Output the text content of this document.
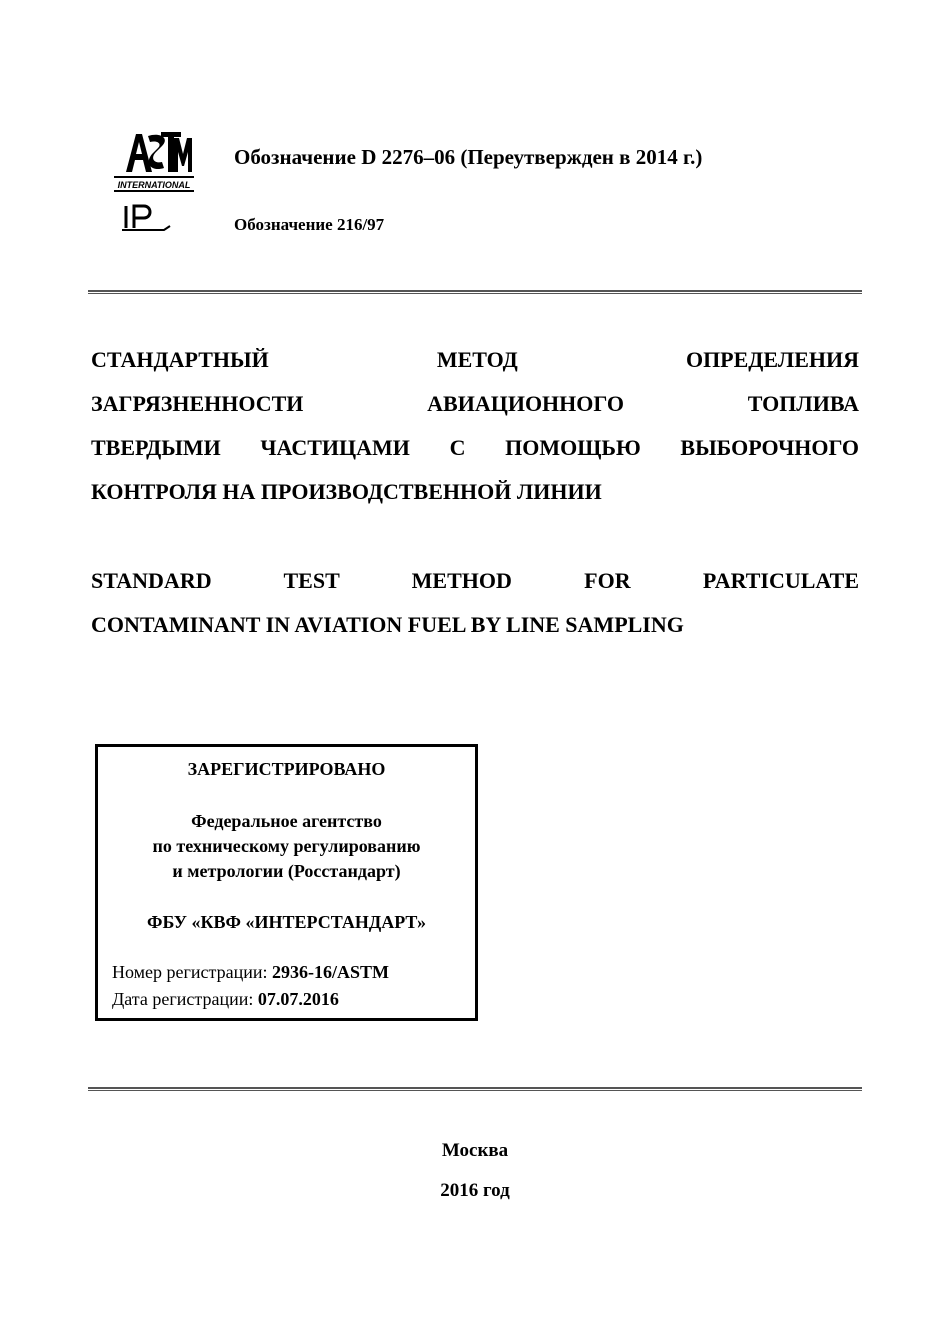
INTERNATIONAL
Обозначение D 2276–06 (Переутвержден в 2014 г.)
Обозначение 216/97
СТАНДАРТНЫЙ МЕТОД ОПРЕДЕЛЕНИЯ
ЗАГРЯЗНЕННОСТИ АВИАЦИОННОГО ТОПЛИВА
ТВЕРДЫМИ ЧАСТИЦАМИ С ПОМОЩЬЮ ВЫБОРОЧНОГО
КОНТРОЛЯ НА ПРОИЗВОДСТВЕННОЙ ЛИНИИ
STANDARD TEST METHOD FOR PARTICULATE
CONTAMINANT IN AVIATION FUEL BY LINE SAMPLING
ЗАРЕГИСТРИРОВАНО
Федеральное агентство
по техническому регулированию
и метрологии (Росстандарт)
ФБУ «КВФ «ИНТЕРСТАНДАРТ»
Номер регистрации: 2936-16/ASTM
Дата регистрации: 07.07.2016
Москва
2016 год
